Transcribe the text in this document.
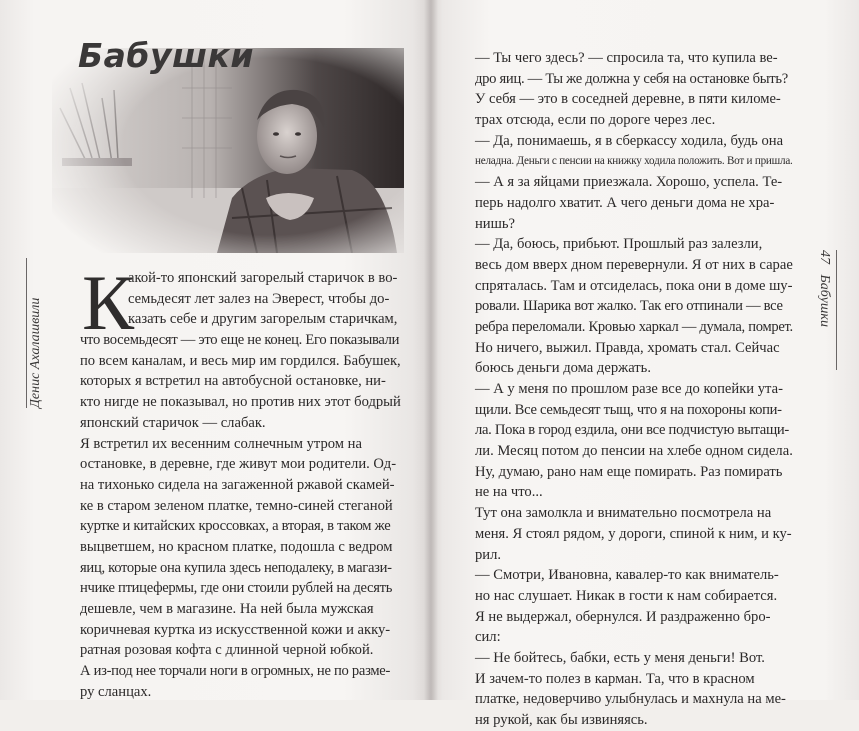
Бабушки
Денис Ахалашвили
47   Бабушки
К
акой-то японский загорелый старичок в во-
семьдесят лет залез на Эверест, чтобы до-
казать себе и другим загорелым старичкам,
что восемьдесят — это еще не конец. Его показывали
по всем каналам, и весь мир им гордился. Бабушек,
которых я встретил на автобусной остановке, ни-
кто нигде не показывал, но против них этот бодрый
японский старичок — слабак.
Я встретил их весенним солнечным утром на
остановке, в деревне, где живут мои родители. Од-
на тихонько сидела на загаженной ржавой скамей-
ке в старом зеленом платке, темно-синей стеганой
куртке и китайских кроссовках, а вторая, в таком же
выцветшем, но красном платке, подошла с ведром
яиц, которые она купила здесь неподалеку, в магази-
нчике птицефермы, где они стоили рублей на десять
дешевле, чем в магазине. На ней была мужская
коричневая куртка из искусственной кожи и акку-
ратная розовая кофта с длинной черной юбкой.
А из-под нее торчали ноги в огромных, не по разме-
ру сланцах.
— Ты чего здесь? — спросила та, что купила ве-
дро яиц. — Ты же должна у себя на остановке быть?
У себя — это в соседней деревне, в пяти киломе-
трах отсюда, если по дороге через лес.
— Да, понимаешь, я в сберкассу ходила, будь она
неладна. Деньги с пенсии на книжку ходила положить. Вот и пришла.
— А я за яйцами приезжала. Хорошо, успела. Те-
перь надолго хватит. А чего деньги дома не хра-
нишь?
— Да, боюсь, прибьют. Прошлый раз залезли,
весь дом вверх дном перевернули. Я от них в сарае
спряталась. Там и отсиделась, пока они в доме шу-
ровали. Шарика вот жалко. Так его отпинали — все
ребра переломали. Кровью харкал — думала, помрет.
Но ничего, выжил. Правда, хромать стал. Сейчас
боюсь деньги дома держать.
— А у меня по прошлом разе все до копейки ута-
щили. Все семьдесят тыщ, что я на похороны копи-
ла. Пока в город ездила, они все подчистую вытащи-
ли. Месяц потом до пенсии на хлебе одном сидела.
Ну, думаю, рано нам еще помирать. Раз помирать
не на что...
Тут она замолкла и внимательно посмотрела на
меня. Я стоял рядом, у дороги, спиной к ним, и ку-
рил.
— Смотри, Ивановна, кавалер-то как вниматель-
но нас слушает. Никак в гости к нам собирается.
Я не выдержал, обернулся. И раздраженно бро-
сил:
— Не бойтесь, бабки, есть у меня деньги! Вот.
И зачем-то полез в карман. Та, что в красном
платке, недоверчиво улыбнулась и махнула на ме-
ня рукой, как бы извиняясь.
